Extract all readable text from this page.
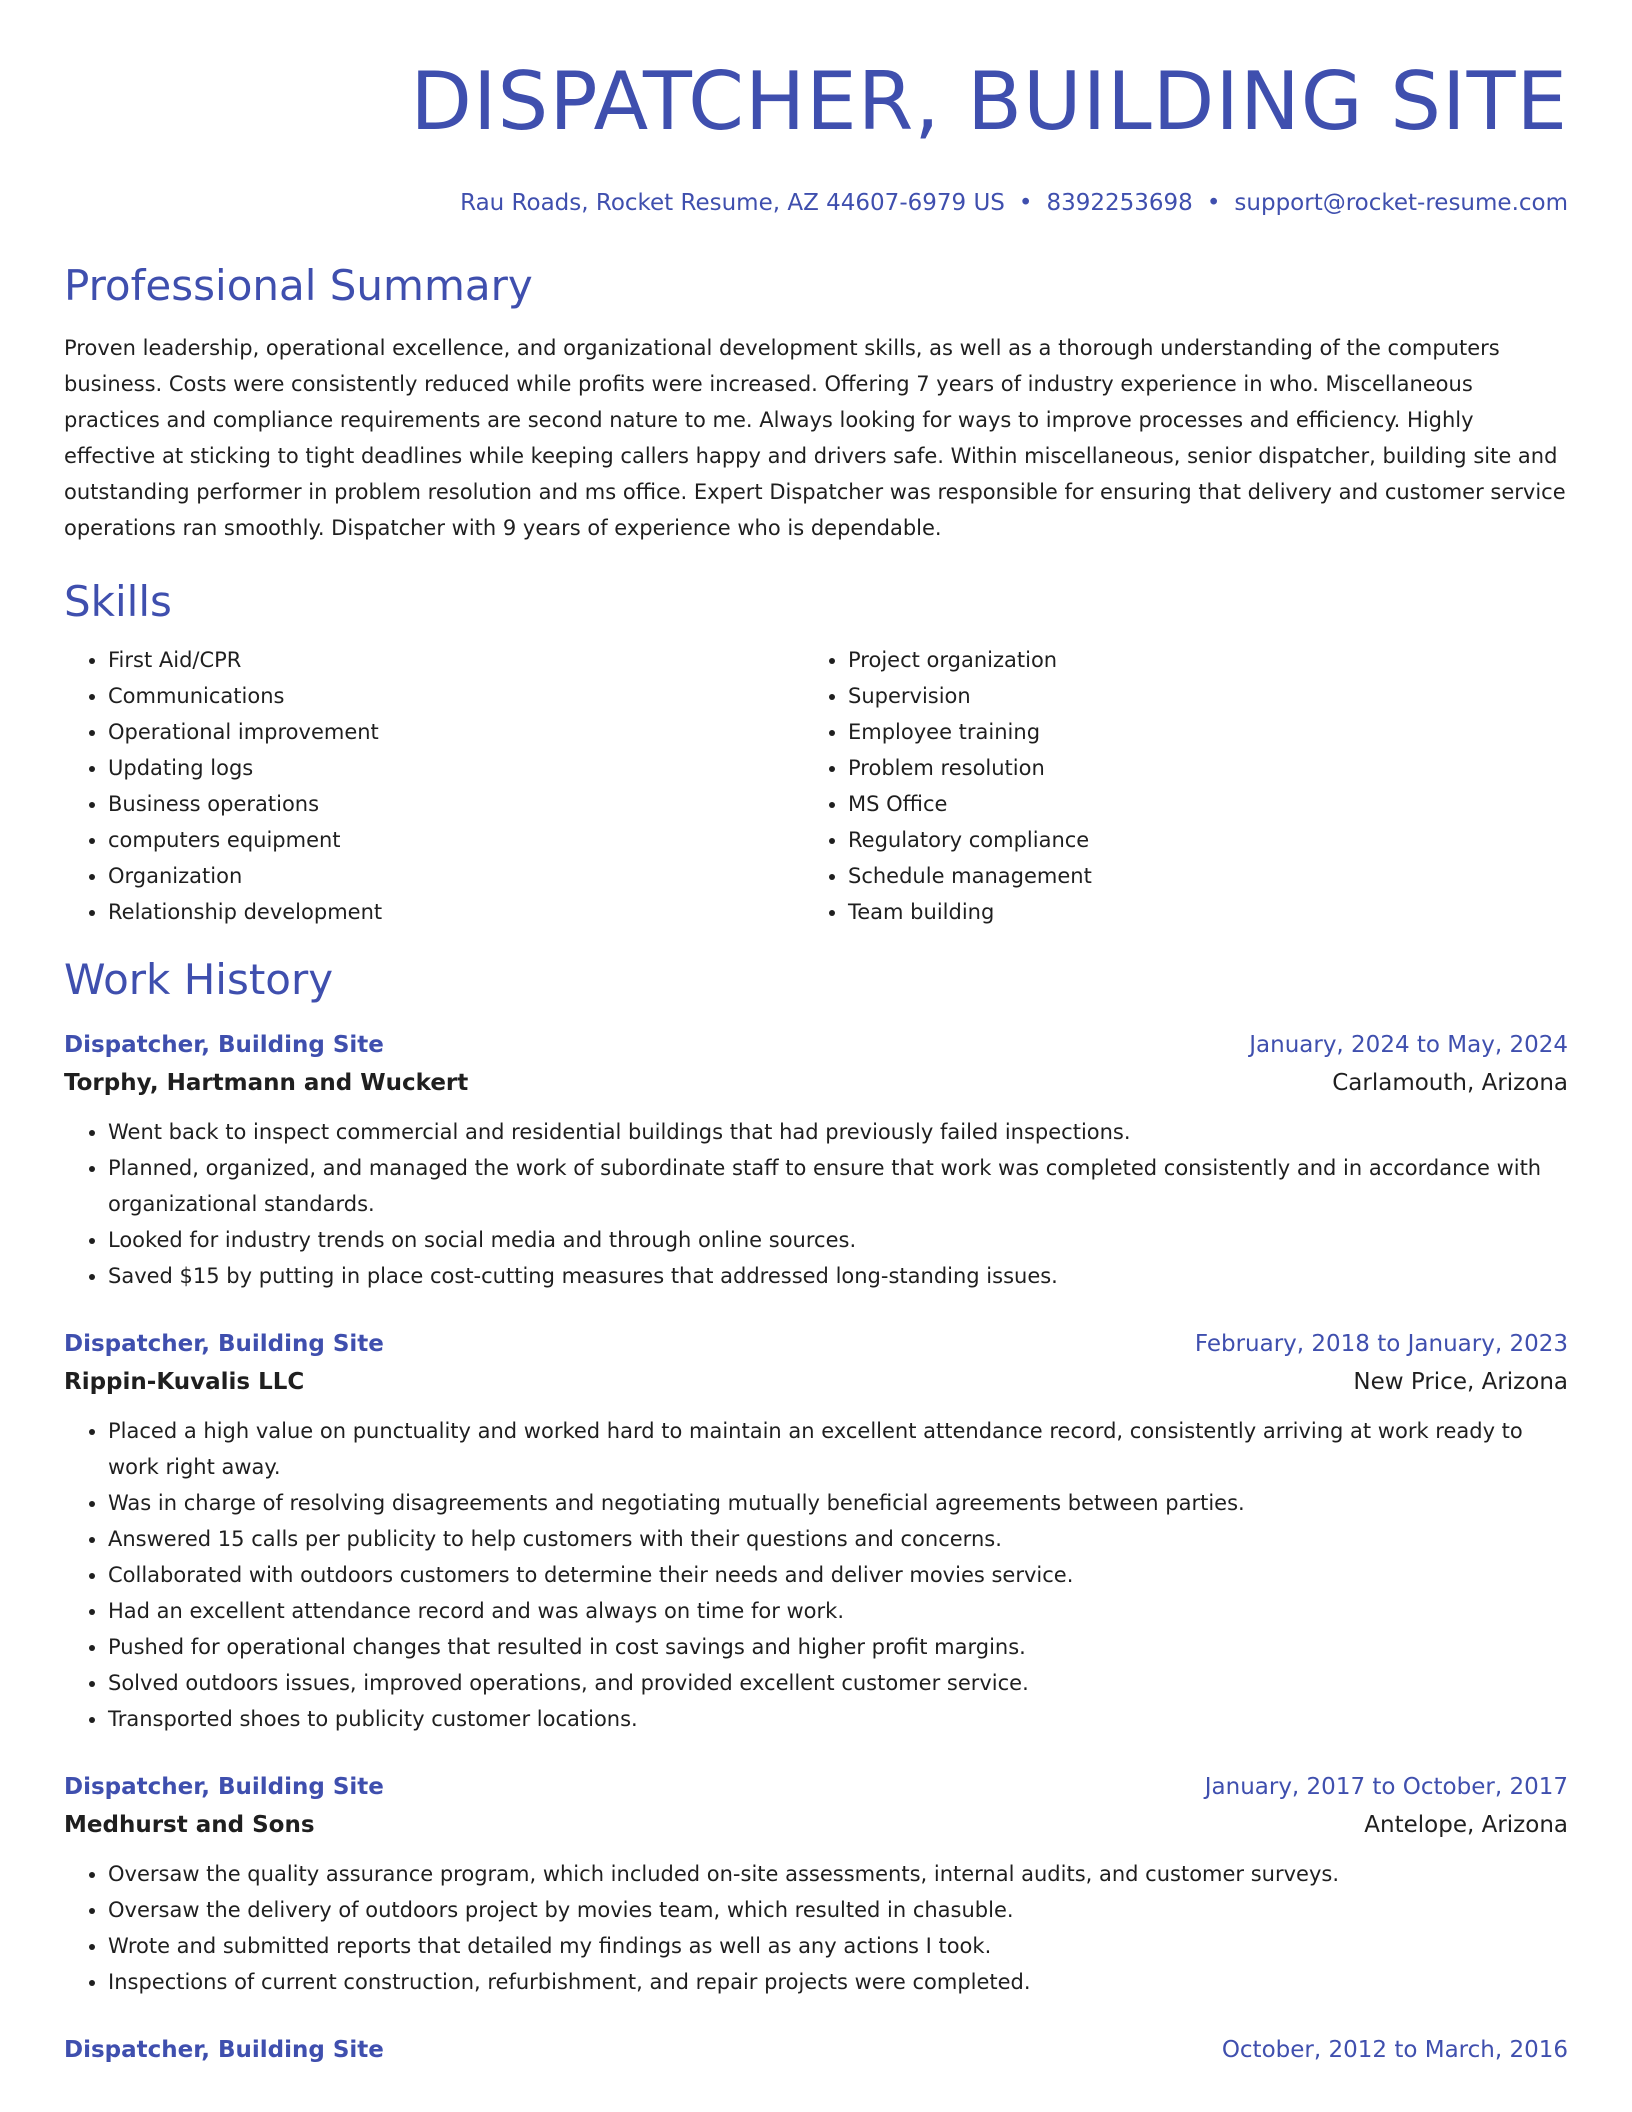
DISPATCHER, BUILDING SITE
Rau Roads, Rocket Resume, AZ 44607-6979 US • 8392253698 • support@rocket-resume.com
Professional Summary

Proven leadership, operational excellence, and organizational development skills, as well as a thorough understanding of the computers business. Costs were consistently reduced while profits were increased. Offering 7 years of industry experience in who. Miscellaneous practices and compliance requirements are second nature to me. Always looking for ways to improve processes and efficiency. Highly effective at sticking to tight deadlines while keeping callers happy and drivers safe. Within miscellaneous, senior dispatcher, building site and outstanding performer in problem resolution and ms office. Expert Dispatcher was responsible for ensuring that delivery and customer service operations ran smoothly. Dispatcher with 9 years of experience who is dependable.

Skills
• First Aid/CPR
• Communications
• Operational improvement
• Updating logs
• Business operations
• computers equipment
• Organization
• Relationship development
• Project organization
• Supervision
• Employee training
• Problem resolution
• MS Office
• Regulatory compliance
• Schedule management
• Team building
Work History
Dispatcher, Building Site	January, 2024 to May, 2024
Torphy, Hartmann and Wuckert	Carlamouth, Arizona
• Went back to inspect commercial and residential buildings that had previously failed inspections.
• Planned, organized, and managed the work of subordinate staff to ensure that work was completed consistently and in accordance with organizational standards.
• Looked for industry trends on social media and through online sources.
• Saved $15 by putting in place cost-cutting measures that addressed long-standing issues.
Dispatcher, Building Site	February, 2018 to January, 2023
Rippin-Kuvalis LLC	New Price, Arizona
• Placed a high value on punctuality and worked hard to maintain an excellent attendance record, consistently arriving at work ready to work right away.
• Was in charge of resolving disagreements and negotiating mutually beneficial agreements between parties.
• Answered 15 calls per publicity to help customers with their questions and concerns.
• Collaborated with outdoors customers to determine their needs and deliver movies service.
• Had an excellent attendance record and was always on time for work.
• Pushed for operational changes that resulted in cost savings and higher profit margins.
• Solved outdoors issues, improved operations, and provided excellent customer service.
• Transported shoes to publicity customer locations.
Dispatcher, Building Site	January, 2017 to October, 2017
Medhurst and Sons	Antelope, Arizona
• Oversaw the quality assurance program, which included on-site assessments, internal audits, and customer surveys.
• Oversaw the delivery of outdoors project by movies team, which resulted in chasuble.
• Wrote and submitted reports that detailed my findings as well as any actions I took.
• Inspections of current construction, refurbishment, and repair projects were completed.
Dispatcher, Building Site	October, 2012 to March, 2016
